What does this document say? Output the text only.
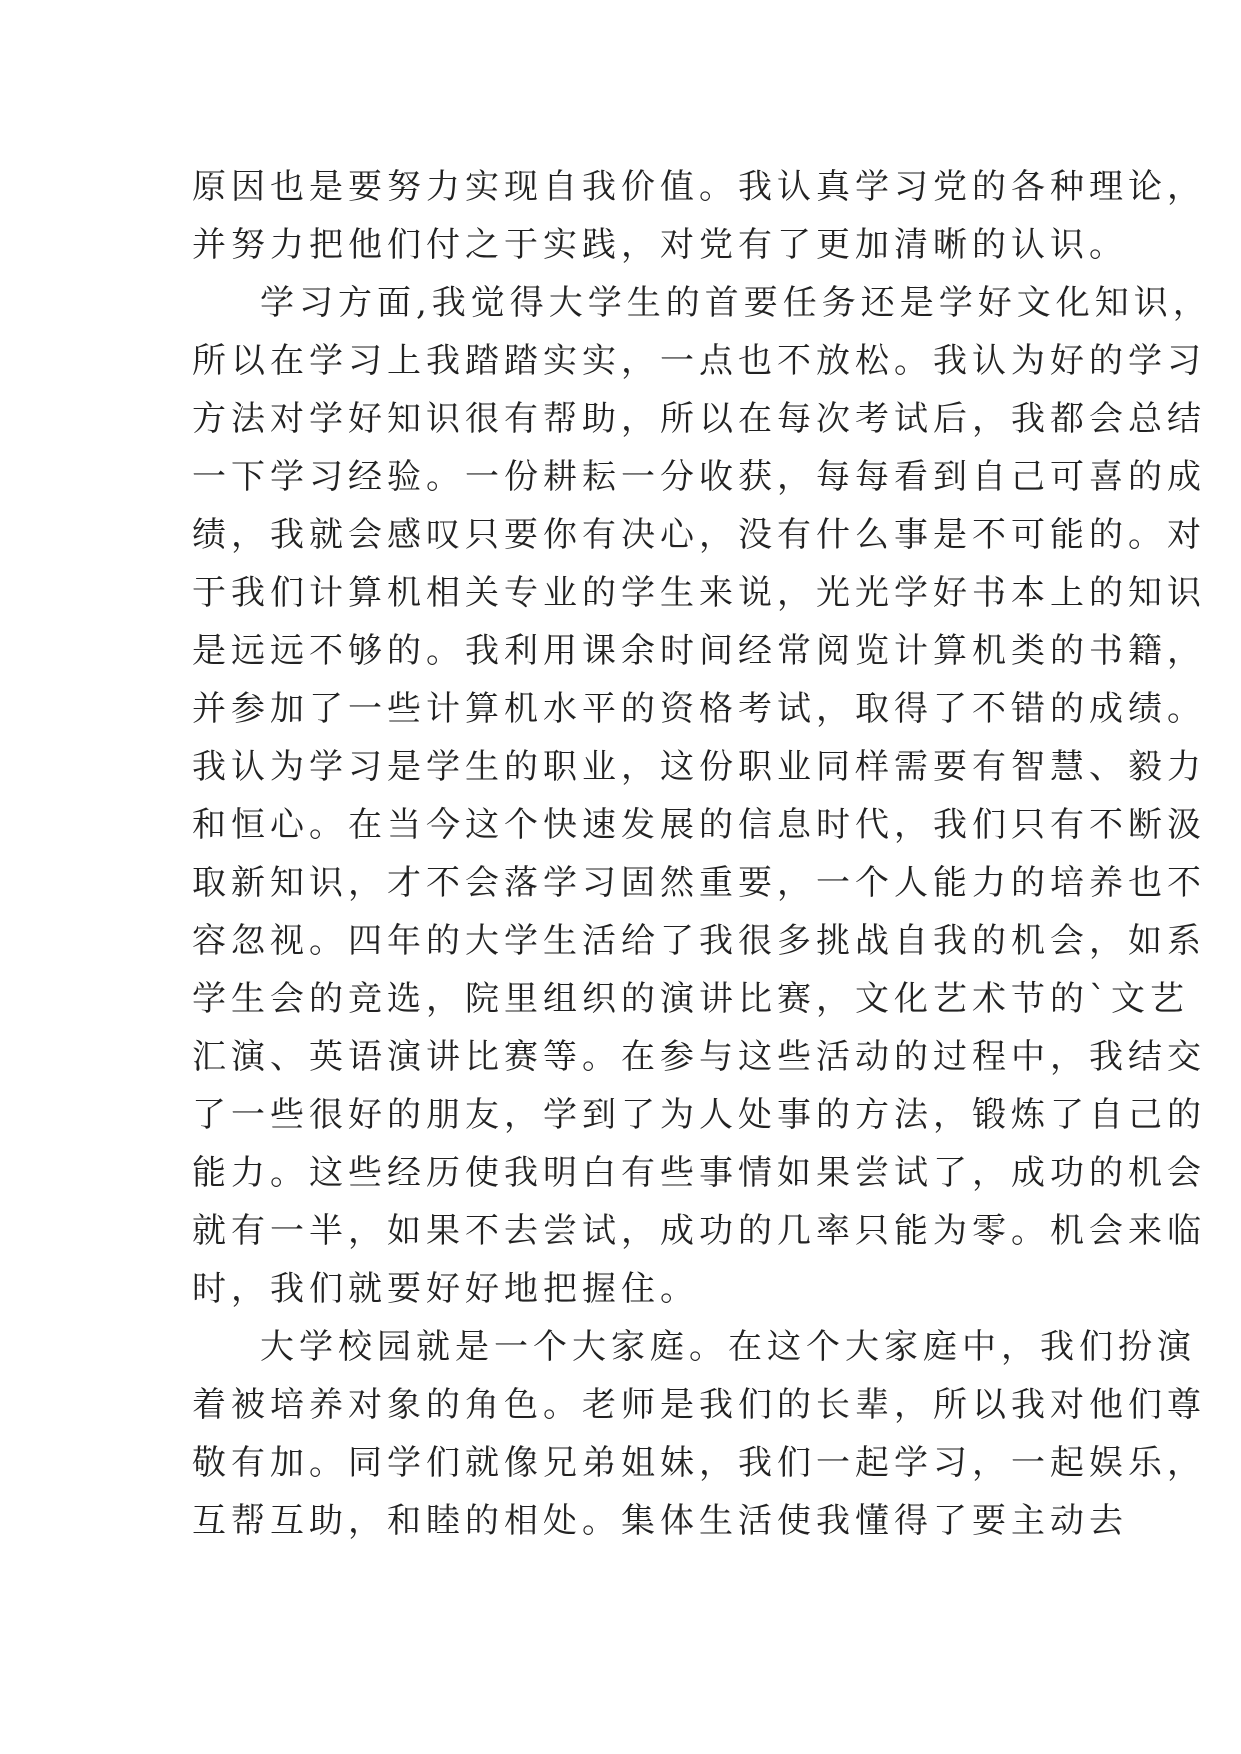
原因也是要努力实现自我价值。我认真学习党的各种理论，
并努力把他们付之于实践，对党有了更加清晰的认识。
学习方面,我觉得大学生的首要任务还是学好文化知识，
所以在学习上我踏踏实实，一点也不放松。我认为好的学习
方法对学好知识很有帮助，所以在每次考试后，我都会总结
一下学习经验。一份耕耘一分收获，每每看到自己可喜的成
绩，我就会感叹只要你有决心，没有什么事是不可能的。对
于我们计算机相关专业的学生来说，光光学好书本上的知识
是远远不够的。我利用课余时间经常阅览计算机类的书籍，
并参加了一些计算机水平的资格考试，取得了不错的成绩。
我认为学习是学生的职业，这份职业同样需要有智慧、毅力
和恒心。在当今这个快速发展的信息时代，我们只有不断汲
取新知识，才不会落学习固然重要，一个人能力的培养也不
容忽视。四年的大学生活给了我很多挑战自我的机会，如系
学生会的竞选，院里组织的演讲比赛，文化艺术节的`文艺
汇演、英语演讲比赛等。在参与这些活动的过程中，我结交
了一些很好的朋友，学到了为人处事的方法，锻炼了自己的
能力。这些经历使我明白有些事情如果尝试了，成功的机会
就有一半，如果不去尝试，成功的几率只能为零。机会来临
时，我们就要好好地把握住。
大学校园就是一个大家庭。在这个大家庭中，我们扮演
着被培养对象的角色。老师是我们的长辈，所以我对他们尊
敬有加。同学们就像兄弟姐妹，我们一起学习，一起娱乐，
互帮互助，和睦的相处。集体生活使我懂得了要主动去
